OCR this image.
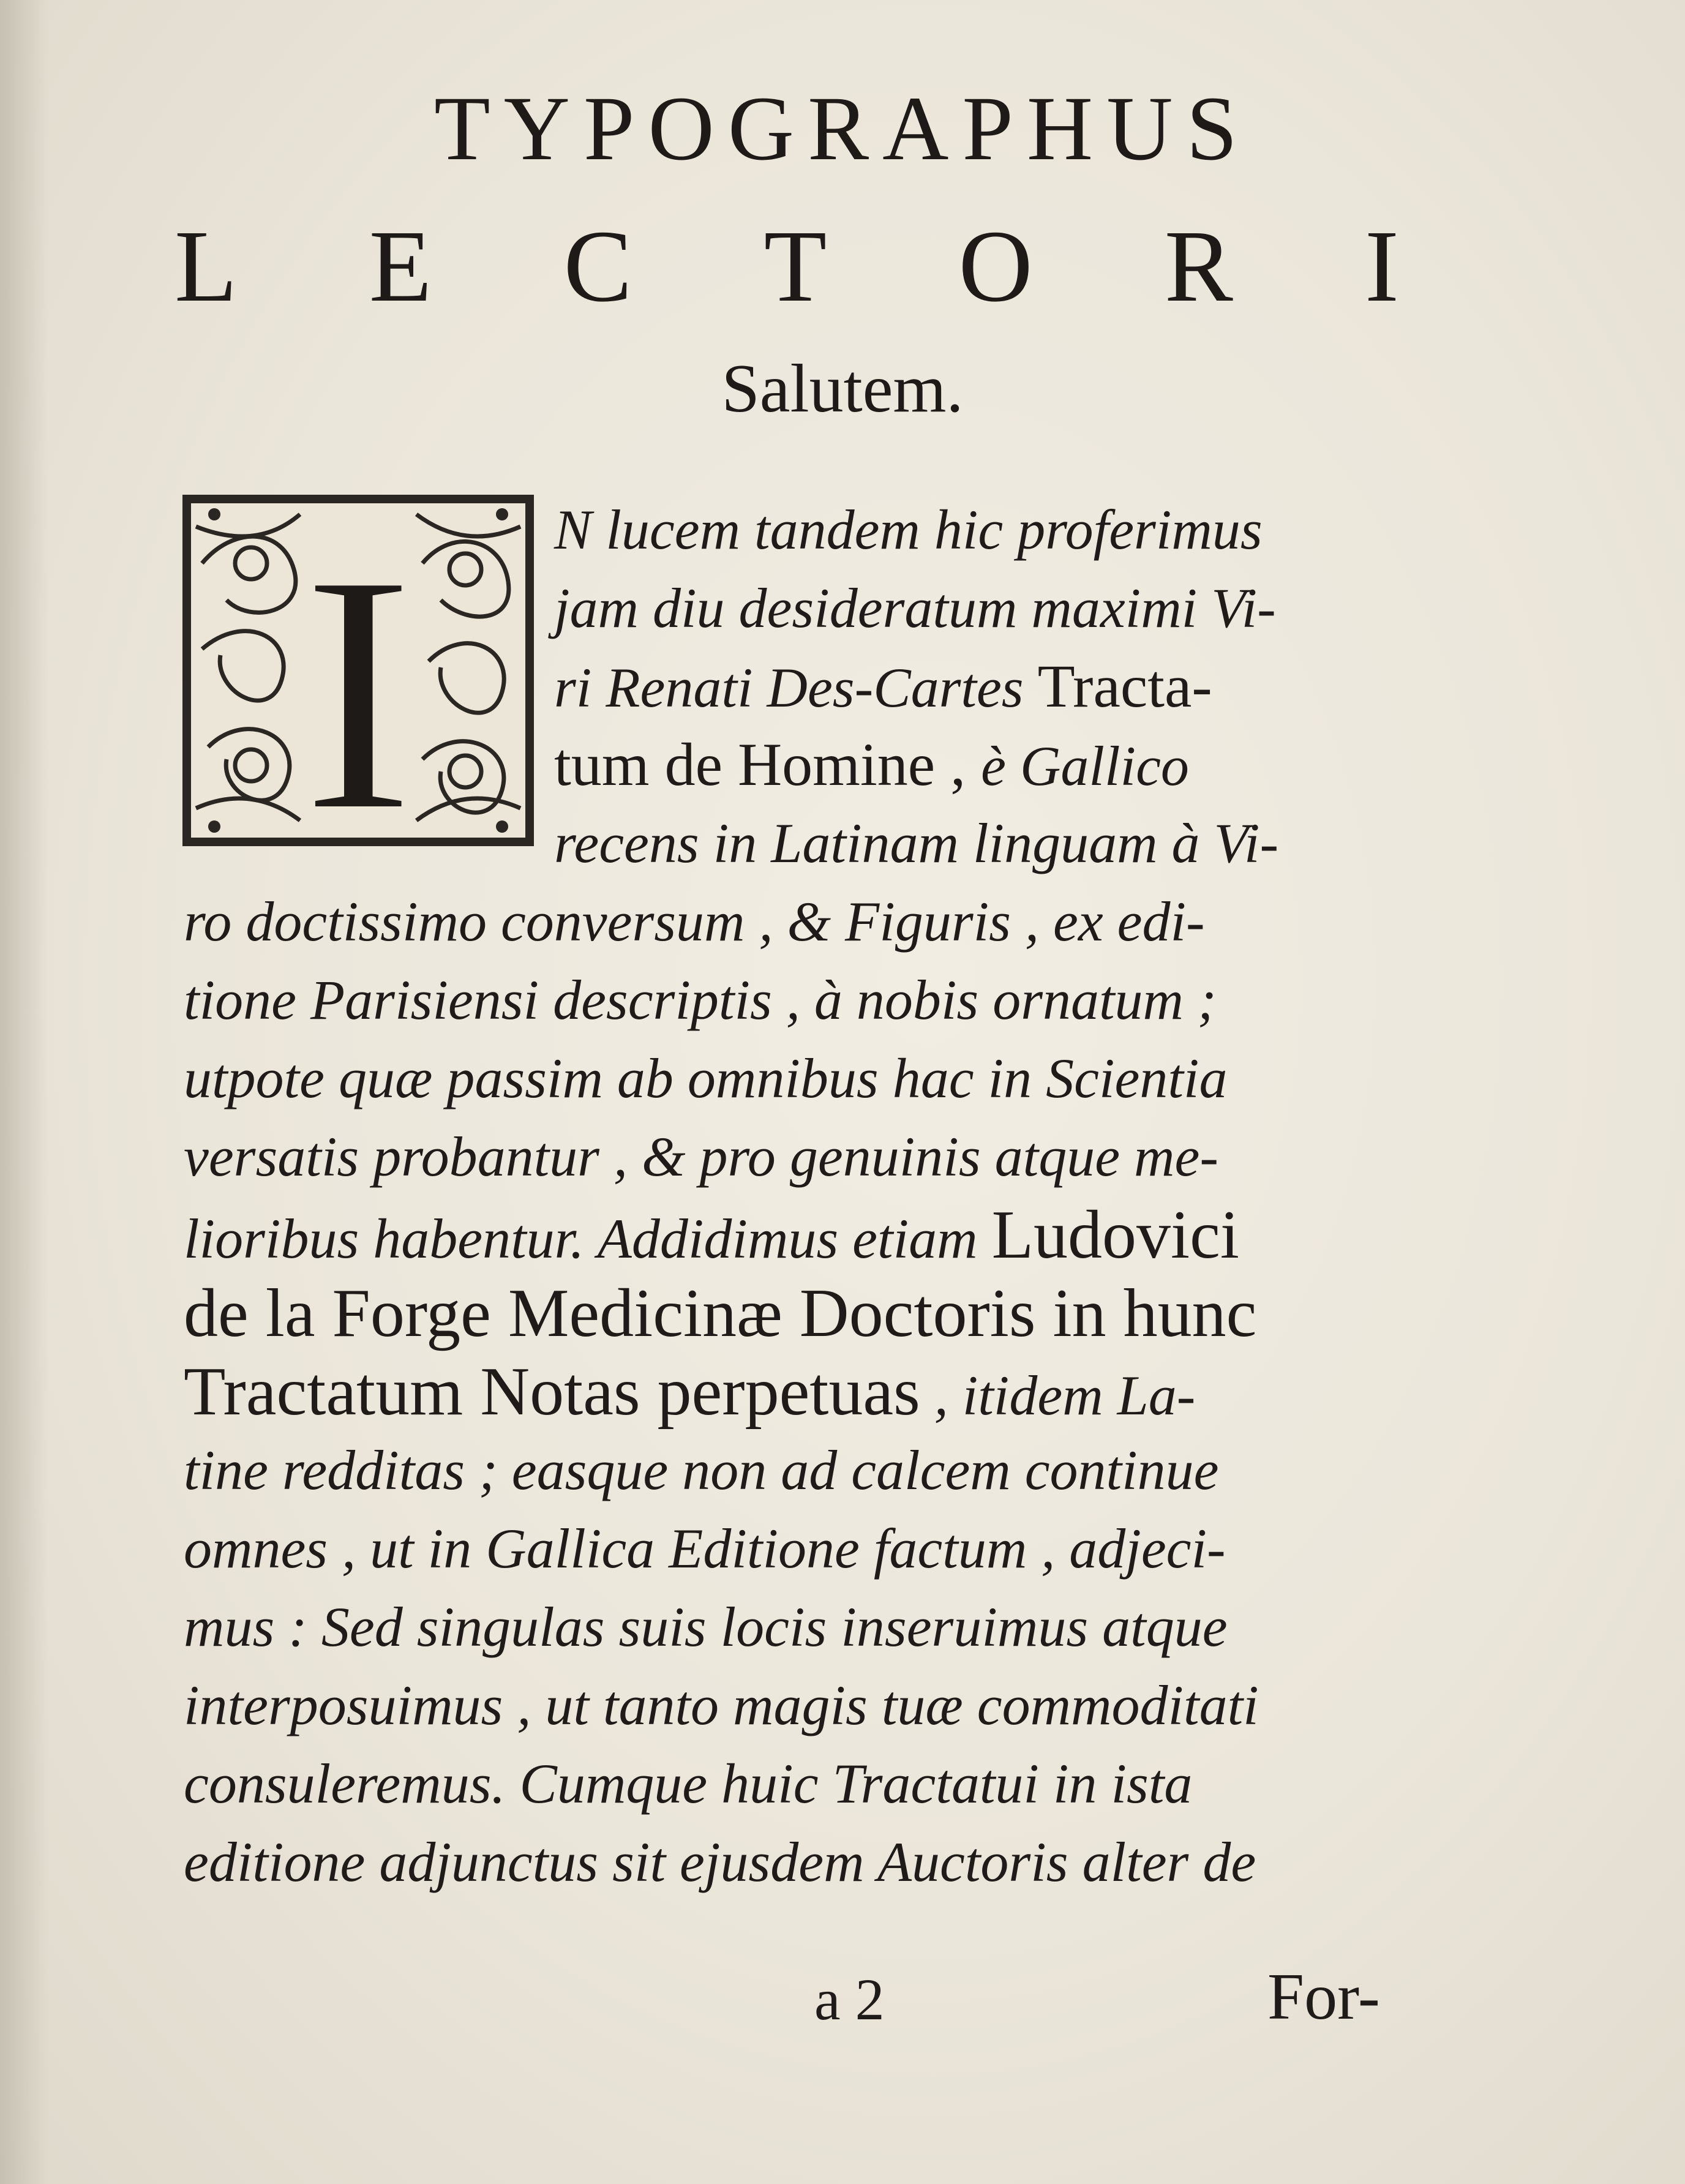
TYPOGRAPHUS
L E C T O R I
Salutem.
I N lucem tandem hic proferimus
jam diu desideratum maximi Vi-
ri Renati Des-Cartes Tracta-
tum de Homine , è Gallico
recens in Latinam linguam à Vi-
ro doctissimo conversum , & Figuris , ex edi-
tione Parisiensi descriptis , à nobis ornatum ;
utpote quæ passim ab omnibus hac in Scientia
versatis probantur , & pro genuinis atque me-
lioribus habentur. Addidimus etiam Ludovici
de la Forge Medicinæ Doctoris in hunc
Tractatum Notas perpetuas , itidem La-
tine redditas ; easque non ad calcem continue
omnes , ut in Gallica Editione factum , adjeci-
mus : Sed singulas suis locis inseruimus atque
interposuimus , ut tanto magis tuæ commoditati
consuleremus. Cumque huic Tractatui in ista
editione adjunctus sit ejusdem Auctoris alter de
a 2	For-
